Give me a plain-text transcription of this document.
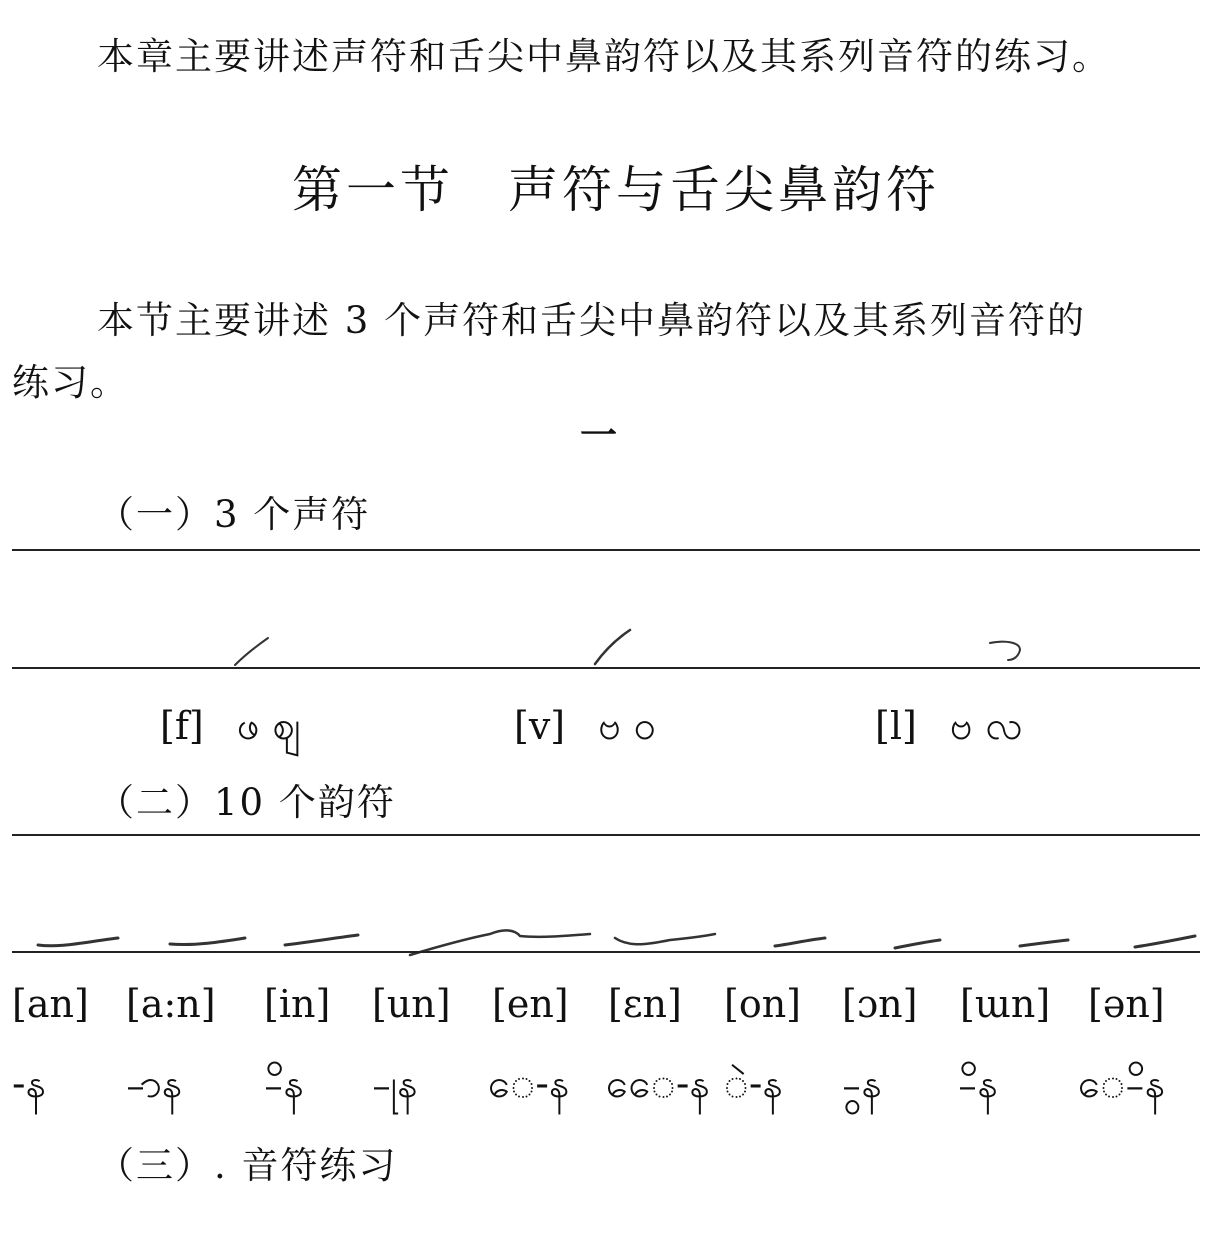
本章主要讲述声符和舌尖中鼻韵符以及其系列音符的练习。
第一节　声符与舌尖鼻韵符
本节主要讲述 3 个声符和舌尖中鼻韵符以及其系列音符的
练习。
一
（一）3 个声符
[f] ဖ ဈ	[v] ဗ ဝ	[l] ဗ လ
（二）10 个韵符
[an] [a:n] [in] [un] [en] [ɛn] [on] [ɔn] [ɯn] [ən]
-န -ာန -ိန -ုန ေ-န ေေ-န ဲ-န -ွန -ိန ေ-ိန
（三）. 音符练习
